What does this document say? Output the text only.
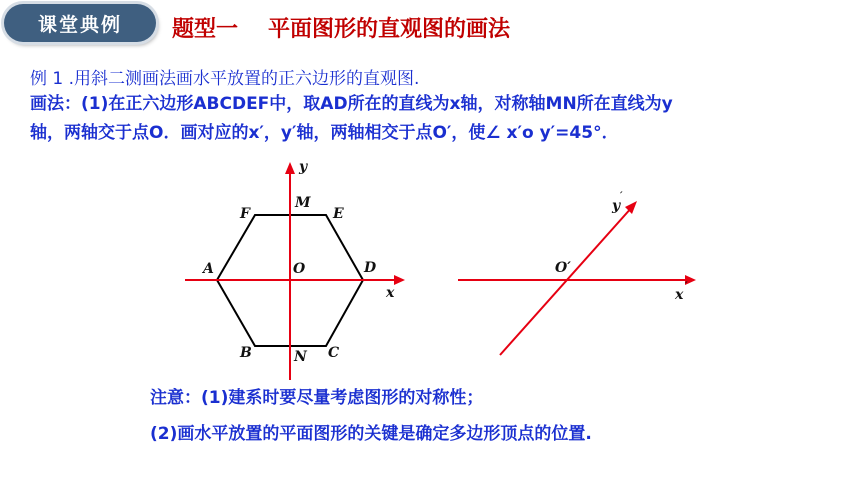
课堂典例	题型一 平面图形的直观图的画法
例 1 .用斜二测画法画水平放置的正六边形的直观图.
画法：(1)在正六边形ABCDEF中，取AD所在的直线为x轴，对称轴MN所在直线为y
轴，两轴交于点O．画对应的x′，y′轴，两轴相交于点O′，使∠ x′o y′=45°．
A
B	C
D
E
F
M
N
O
x
y
O′
x
′
y
′
注意：(1)建系时要尽量考虑图形的对称性；
(2)画水平放置的平面图形的关键是确定多边形顶点的位置.
